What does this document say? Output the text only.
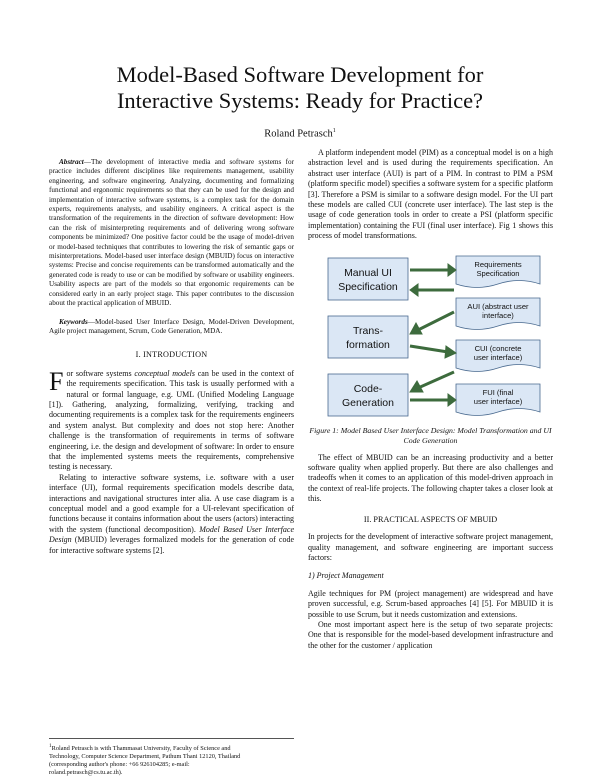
Model-Based Software Development for
Interactive Systems: Ready for Practice?
Roland Petrasch$^1$

Abstract—The development of interactive media and software systems for practice includes different disciplines like requirements management, usability engineering, and software engineering. Analyzing, documenting and formalizing functional and ergonomic requirements so that they can be used for the design and implementation of interactive software systems, is a complex task for the domain experts, requirements analysts, and usability engineers. A critical aspect is the transformation of the requirements in the direction of software development: How can the risk of misinterpreting requirements and of delivering wrong software components be minimized? One positive factor could be the usage of model-driven or model-based techniques that contributes to lowering the risk of semantic gaps or misinterpretations. Model-based user interface design (MBUID) focus on interactive systems: Precise and concise requirements can be transformed automatically and the generated code is ready to use or can be modified by software or usability engineers. Usability aspects are part of the models so that ergonomic requirements can be considered early in an early project stage. This paper contributes to the discussion about the practical application of MBUID.

Keywords—Model-based User Interface Design, Model-Driven Development, Agile project management, Scrum, Code Generation, MDA.

I. INTRODUCTION

For software systems conceptual models can be used in the context of the requirements specification. This task is usually performed with a natural or formal language, e.g. UML (Unified Modeling Language [1]). Gathering, analyzing, formalizing, verifying, tracking and documenting requirements is a complex task for the requirements engineers and system analyst. But complexity and does not stop here: Another challenge is the transformation of requirements in terms of software engineering, i.e. the design and development of software: In order to ensure that the implemented systems meets the requirements, comprehensive testing is necessary.

Relating to interactive software systems, i.e. software with a user interface (UI), formal requirements specification models describe data, interactions and navigational structures inter alia. A use case diagram is a conceptual model and a good example for a UI-relevant specification of functions because it contains information about the users (actors) interacting with the system (functional decomposition). Model Based User Interface Design (MBUID) leverages formalized models for the generation of code for interactive software systems [2].

A platform independent model (PIM) as a conceptual model is on a high abstraction level and is used during the requirements specification. An abstract user interface (AUI) is part of a PIM. In contrast to PIM a PSM (platform specific model) specifies a software system for a specific platform [3]. Therefore a PSM is similar to a software design model. For the UI part these models are called CUI (concrete user interface). The last step is the usage of code generation tools in order to create a PSI (platform specific implementation) containing the FUI (final user interface). Fig 1 shows this process of model transformations.

Manual UI
Specification
Trans-
formation
Code-
Generation
Requirements
Specification
AUI (abstract user
interface)
CUI (concrete
user interface)
FUI (final
user interface)
Figure 1: Model Based User Interface Design: Model Transformation and UI Code Generation

The effect of MBUID can be an increasing productivity and a better software quality when applied properly. But there are also challenges and tradeoffs when it comes to an application of this model-driven approach in the context of real-life projects. The following chapter takes a closer look at this.

II. PRACTICAL ASPECTS OF MBUID

In projects for the development of interactive software project management, quality management, and software engineering are important success factors:

1) Project Management

Agile techniques for PM (project management) are widespread and have proven successful, e.g. Scrum-based approaches [4] [5]. For MBUID it is possible to use Scrum, but it needs customization and extensions.

One most important aspect here is the setup of two separate projects: One that is responsible for the model-based development infrastructure and the other for the customer / application

$^1$Roland Petrasch is with Thammasat University, Faculty of Science and
Technology, Computer Science Department, Pathum Thani 12120, Thailand
(corresponding author's phone: +66 926104285; e-mail:
roland.petrasch@cs.tu.ac.th).
